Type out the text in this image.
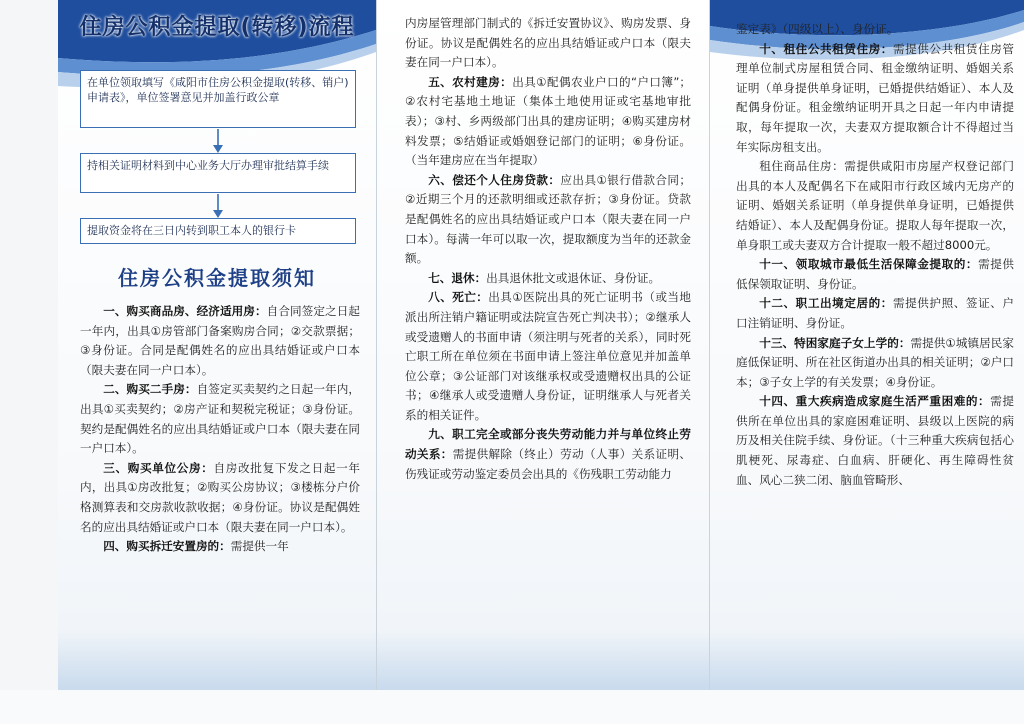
住房公积金提取(转移)流程
在单位领取填写《咸阳市住房公积金提取(转移、销户)申请表》，单位签署意见并加盖行政公章
持相关证明材料到中心业务大厅办理审批结算手续
提取资金将在三日内转到职工本人的银行卡
住房公积金提取须知

一、购买商品房、经济适用房：自合同签定之日起一年内，出具①房管部门备案购房合同；②交款票据；③身份证。合同是配偶姓名的应出具结婚证或户口本（限夫妻在同一户口本）。

二、购买二手房：自签定买卖契约之日起一年内，出具①买卖契约；②房产证和契税完税证；③身份证。契约是配偶姓名的应出具结婚证或户口本（限夫妻在同一户口本）。

三、购买单位公房：自房改批复下发之日起一年内，出具①房改批复；②购买公房协议；③楼栋分户价格测算表和交房款收款收据；④身份证。协议是配偶姓名的应出具结婚证或户口本（限夫妻在同一户口本）。

四、购买拆迁安置房的：需提供一年

内房屋管理部门制式的《拆迁安置协议》、购房发票、身份证。协议是配偶姓名的应出具结婚证或户口本（限夫妻在同一户口本）。

五、农村建房：出具①配偶农业户口的“户口簿”；②农村宅基地土地证（集体土地使用证或宅基地审批表）；③村、乡两级部门出具的建房证明；④购买建房材料发票；⑤结婚证或婚姻登记部门的证明；⑥身份证。（当年建房应在当年提取）

六、偿还个人住房贷款：应出具①银行借款合同；②近期三个月的还款明细或还款存折；③身份证。贷款是配偶姓名的应出具结婚证或户口本（限夫妻在同一户口本）。每满一年可以取一次，提取额度为当年的还款金额。

七、退休：出具退休批文或退休证、身份证。

八、死亡：出具①医院出具的死亡证明书（或当地派出所注销户籍证明或法院宣告死亡判决书）；②继承人或受遗赠人的书面申请（须注明与死者的关系），同时死亡职工所在单位须在书面申请上签注单位意见并加盖单位公章；③公证部门对该继承权或受遗赠权出具的公证书；④继承人或受遗赠人身份证，证明继承人与死者关系的相关证件。

九、职工完全或部分丧失劳动能力并与单位终止劳动关系：需提供解除（终止）劳动（人事）关系证明、伤残证或劳动鉴定委员会出具的《伤残职工劳动能力

鉴定表》（四级以上）、身份证。

十、租住公共租赁住房：需提供公共租赁住房管理单位制式房屋租赁合同、租金缴纳证明、婚姻关系证明（单身提供单身证明，已婚提供结婚证）、本人及配偶身份证。租金缴纳证明开具之日起一年内申请提取，每年提取一次，夫妻双方提取额合计不得超过当年实际房租支出。

租住商品住房：需提供咸阳市房屋产权登记部门出具的本人及配偶名下在咸阳市行政区域内无房产的证明、婚姻关系证明（单身提供单身证明，已婚提供结婚证）、本人及配偶身份证。提取人每年提取一次，单身职工或夫妻双方合计提取一般不超过8000元。

十一、领取城市最低生活保障金提取的：需提供低保领取证明、身份证。

十二、职工出境定居的：需提供护照、签证、户口注销证明、身份证。

十三、特困家庭子女上学的：需提供①城镇居民家庭低保证明、所在社区街道办出具的相关证明；②户口本；③子女上学的有关发票；④身份证。

十四、重大疾病造成家庭生活严重困难的：需提供所在单位出具的家庭困难证明、县级以上医院的病历及相关住院手续、身份证。（十三种重大疾病包括心肌梗死、尿毒症、白血病、肝硬化、再生障碍性贫血、风心二狭二闭、脑血管畸形、
